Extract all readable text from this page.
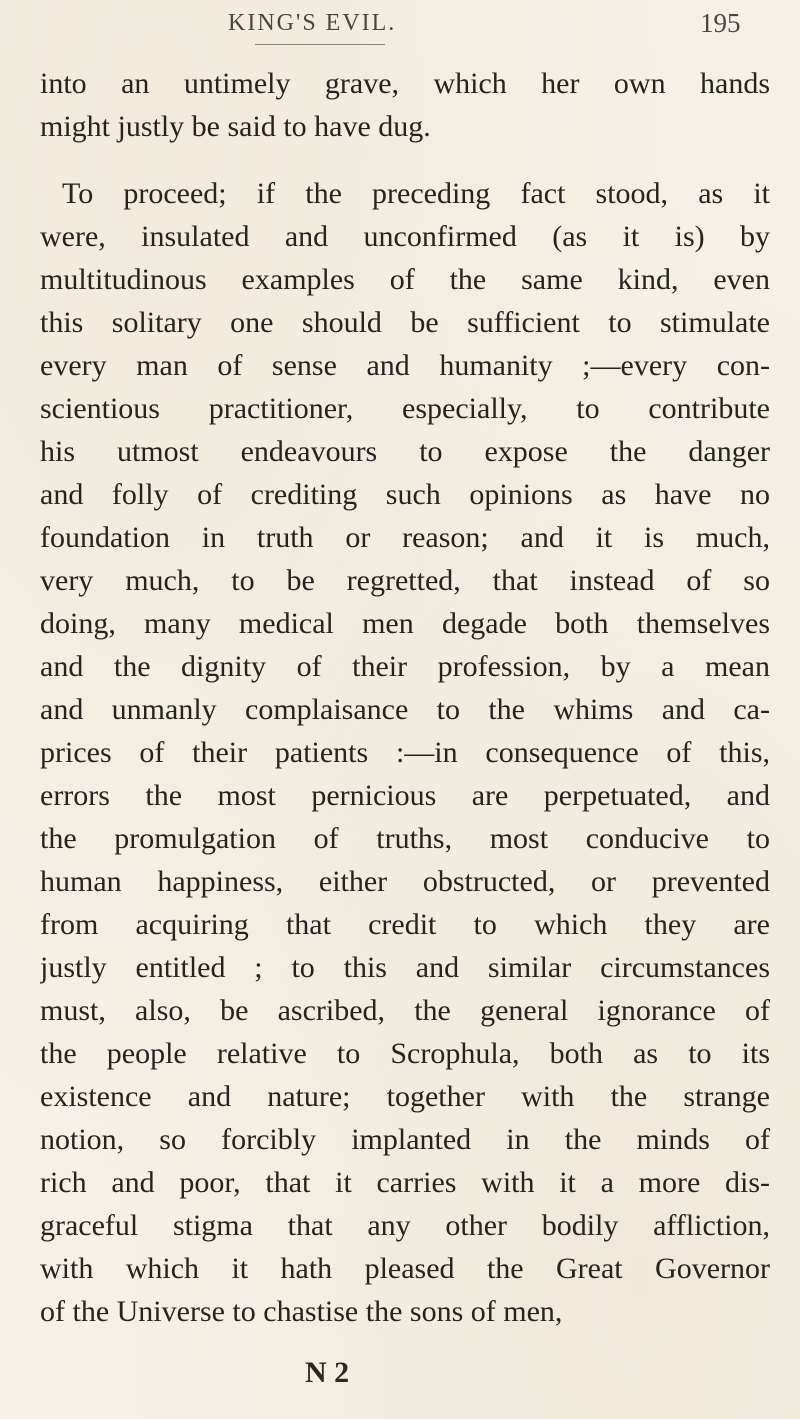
KING'S EVIL.	195
into an untimely grave, which her own hands
might justly be said to have dug.
To proceed; if the preceding fact stood, as it
were, insulated and unconfirmed (as it is) by
multitudinous examples of the same kind, even
this solitary one should be sufficient to stimulate
every man of sense and humanity ;—every con-
scientious practitioner, especially, to contribute
his utmost endeavours to expose the danger
and folly of crediting such opinions as have no
foundation in truth or reason; and it is much,
very much, to be regretted, that instead of so
doing, many medical men degade both themselves
and the dignity of their profession, by a mean
and unmanly complaisance to the whims and ca-
prices of their patients :—in consequence of this,
errors the most pernicious are perpetuated, and
the promulgation of truths, most conducive to
human happiness, either obstructed, or prevented
from acquiring that credit to which they are
justly entitled ; to this and similar circumstances
must, also, be ascribed, the general ignorance of
the people relative to Scrophula, both as to its
existence and nature; together with the strange
notion, so forcibly implanted in the minds of
rich and poor, that it carries with it a more dis-
graceful stigma that any other bodily affliction,
with which it hath pleased the Great Governor
of the Universe to chastise the sons of men,
N 2
